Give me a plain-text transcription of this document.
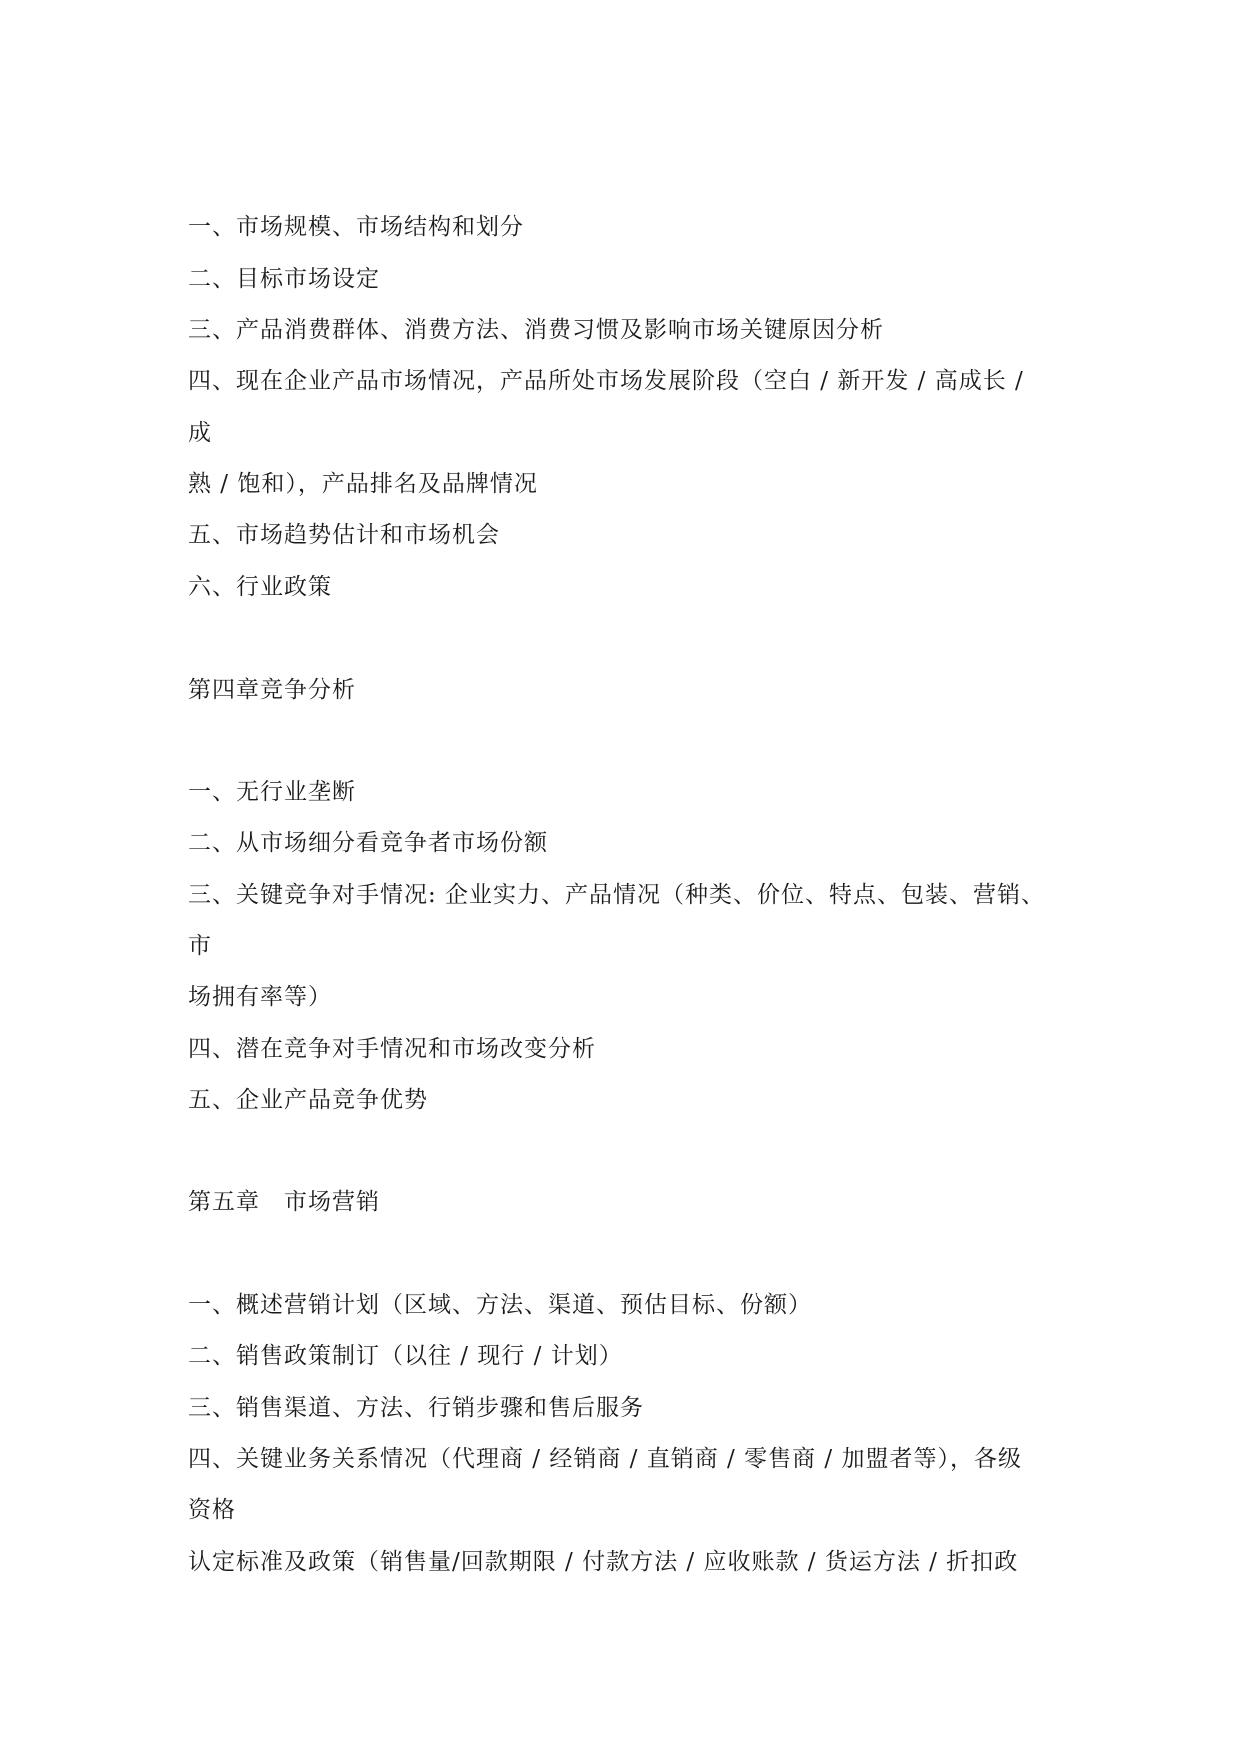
一、市场规模、市场结构和划分
二、目标市场设定
三、产品消费群体、消费方法、消费习惯及影响市场关键原因分析
四、现在企业产品市场情况，产品所处市场发展阶段（空白 / 新开发 / 高成长 /
成
熟 / 饱和），产品排名及品牌情况
五、市场趋势估计和市场机会
六、行业政策
第四章竞争分析
一、无行业垄断
二、从市场细分看竞争者市场份额
三、关键竞争对手情况: 企业实力、产品情况（种类、价位、特点、包装、营销、
市
场拥有率等）
四、潜在竞争对手情况和市场改变分析
五、企业产品竞争优势
第五章　市场营销
一、概述营销计划（区域、方法、渠道、预估目标、份额）
二、销售政策制订（以往 / 现行 / 计划）
三、销售渠道、方法、行销步骤和售后服务
四、关键业务关系情况（代理商 / 经销商 / 直销商 / 零售商 / 加盟者等），各级
资格
认定标准及政策（销售量/回款期限 / 付款方法 / 应收账款 / 货运方法 / 折扣政
